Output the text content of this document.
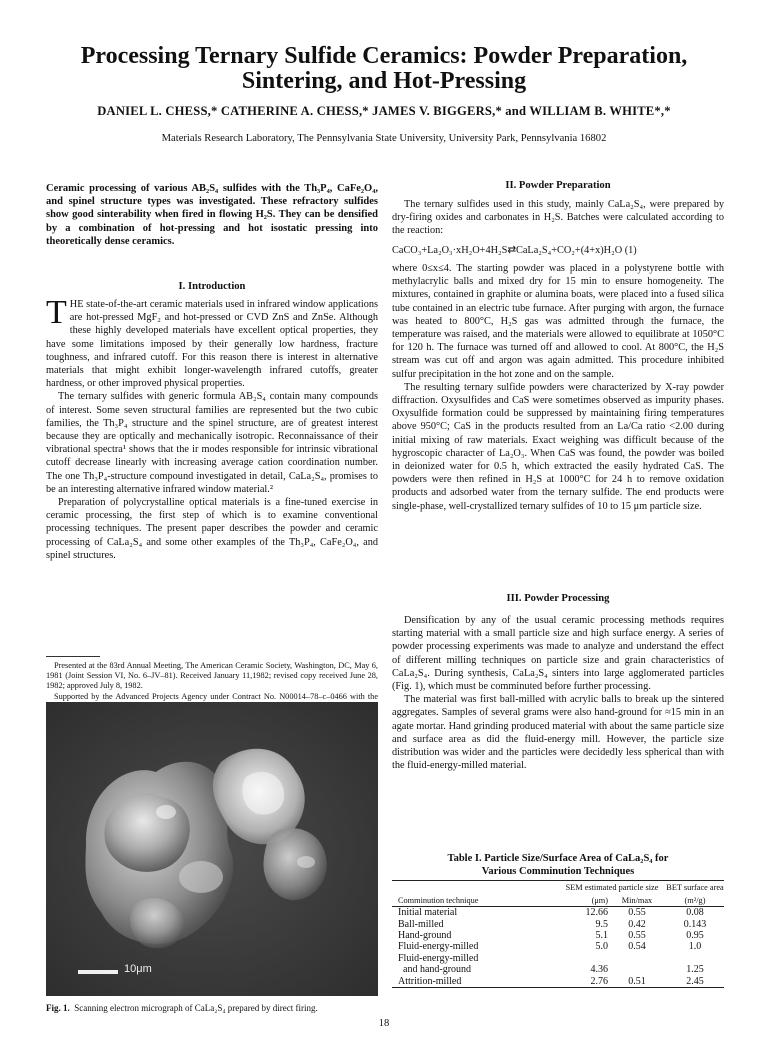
Processing Ternary Sulfide Ceramics: Powder Preparation,
Sintering, and Hot-Pressing
DANIEL L. CHESS,* CATHERINE A. CHESS,* JAMES V. BIGGERS,* and WILLIAM B. WHITE*,*
Materials Research Laboratory, The Pennsylvania State University, University Park, Pennsylvania 16802
Ceramic processing of various AB₂S₄ sulfides with the Th₃P₄, CaFe₂O₄, and spinel structure types was investigated. These refractory sulfides show good sinterability when fired in flowing H₂S. They can be densified by a combination of hot-pressing and hot isostatic pressing into theoretically dense ceramics.
I. Introduction

THE state-of-the-art ceramic materials used in infrared window applications are hot-pressed MgF₂ and hot-pressed or CVD ZnS and ZnSe. Although these highly developed materials have excellent optical properties, they have some limitations imposed by their generally low hardness, fracture toughness, and infrared cutoff. For this reason there is interest in alternative materials that might exhibit longer-wavelength infrared cutoffs, greater hardness, or other improved physical properties.

The ternary sulfides with generic formula AB₂S₄ contain many compounds of interest. Some seven structural families are represented but the two cubic families, the Th₃P₄ structure and the spinel structure, are of greatest interest because they are optically and mechanically isotropic. Reconnaissance of their vibrational spectra¹ shows that the ir modes responsible for intrinsic vibrational cutoff decrease linearly with increasing average cation coordination number. The one Th₃P₄-structure compound investigated in detail, CaLa₂S₄, promises to be an interesting alternative infrared window material.²

Preparation of polycrystalline optical materials is a fine-tuned exercise in ceramic processing, the first step of which is to examine conventional processing techniques. The present paper describes the powder and ceramic processing of CaLa₂S₄ and some other examples of the Th₃P₄, CaFe₂O₄, and spinel structures.

Presented at the 83rd Annual Meeting, The American Ceramic Society, Washington, DC, May 6, 1981 (Joint Session VI, No. 6–JV–81). Received January 11,1982; revised copy received June 28, 1982; approved July 8, 1982.

Supported by the Advanced Projects Agency under Contract No. N00014–78–c–0466 with the

10μm
Fig. 1. Scanning electron micrograph of CaLa₂S₄ prepared by direct firing.
II. Powder Preparation

The ternary sulfides used in this study, mainly CaLa₂S₄, were prepared by dry-firing oxides and carbonates in H₂S. Batches were calculated according to the reaction:

CaCO₃+La₂O₃·xH₂O+4H₂S⇄CaLa₂S₄+CO₂+(4+x)H₂O (1)

where 0≤x≤4. The starting powder was placed in a polystyrene bottle with methylacrylic balls and mixed dry for 15 min to ensure homogeneity. The mixtures, contained in graphite or alumina boats, were placed into a fused silica tube contained in an electric tube furnace. After purging with argon, the furnace was heated to 800°C, H₂S gas was admitted through the furnace, the temperature was raised, and the materials were allowed to equilibrate at 1050°C for 120 h. The furnace was turned off and allowed to cool. At 800°C, the H₂S stream was cut off and argon was again admitted. This procedure inhibited sulfur precipitation in the hot zone and on the sample.

The resulting ternary sulfide powders were characterized by X-ray powder diffraction. Oxysulfides and CaS were sometimes observed as impurity phases. Oxysulfide formation could be suppressed by maintaining firing temperatures above 950°C; CaS in the products resulted from an La/Ca ratio <2.00 during initial mixing of raw materials. Exact weighing was difficult because of the hygroscopic character of La₂O₃. When CaS was found, the powder was boiled in deionized water for 0.5 h, which extracted the easily hydrated CaS. The powders were then refined in H₂S at 1000°C for 24 h to remove oxidation products and adsorbed water from the ternary sulfide. The end products were single-phase, well-crystallized ternary sulfides of 10 to 15 μm particle size.

III. Powder Processing

Densification by any of the usual ceramic processing methods requires starting material with a small particle size and high surface energy. A series of powder processing experiments was made to analyze and understand the effect of different milling techniques on particle size and grain characteristics of CaLa₂S₄. During synthesis, CaLa₂S₄ sinters into large agglomerated particles (Fig. 1), which must be comminuted before further processing.

The material was first ball-milled with acrylic balls to break up the sintered aggregates. Samples of several grams were also hand-ground for ≈15 min in an agate mortar. Hand grinding produced material with about the same particle size and surface area as did the fluid-energy mill. However, the particle size distribution was wider and the particles were decidedly less spherical than with the fluid-energy-milled material.

Table I. Particle Size/Surface Area of CaLa₂S₄ for
Various Comminution Techniques
	SEM estimated particle size		BET surface area
Comminution technique	(μm)	Min/max	(m²/g)
Initial material	12.66	0.55	0.08
Ball-milled	9.5	0.42	0.143
Hand-ground	5.1	0.55	0.95
Fluid-energy-milled	5.0	0.54	1.0
Fluid-energy-milled			
and hand-ground	4.36		1.25
Attrition-milled	2.76	0.51	2.45
18
